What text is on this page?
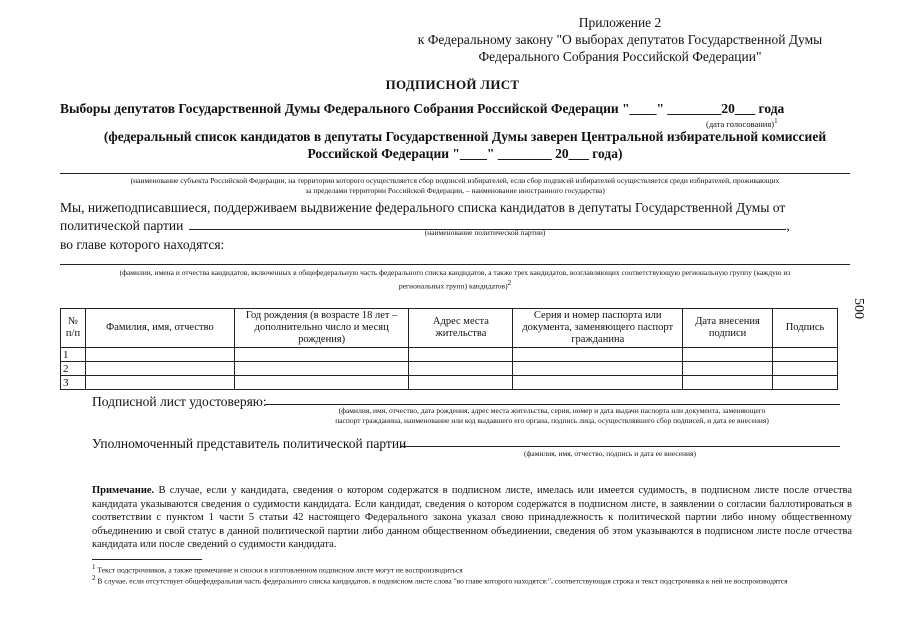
Приложение 2
к Федеральному закону "О выборах депутатов Государственной Думы
Федерального Собрания Российской Федерации"
ПОДПИСНОЙ ЛИСТ
Выборы депутатов Государственной Думы Федерального Собрания Российской Федерации "____" ________20___ года
(дата голосования)$^1$
(федеральный список кандидатов в депутаты Государственной Думы заверен Центральной избирательной комиссией
Российской Федерации "____" ________ 20___ года)
(наименование субъекта Российской Федерации, на территории которого осуществляется сбор подписей избирателей, если сбор подписей избирателей осуществляется среди избирателей, проживающих
за пределами территории Российской Федерации, – наименование иностранного государства)
Мы, нижеподписавшиеся, поддерживаем выдвижение федерального списка кандидатов в депутаты Государственной Думы от
политической партии	,
(наименование политической партии)
во главе которого находятся:
(фамилии, имена и отчества кандидатов, включенных в общефедеральную часть федерального списка кандидатов, а также трех кандидатов, возглавляющих соответствующую региональную группу (каждую из
региональных групп) кандидатов)$^2$
№ п/п	Фамилия, имя, отчество	Год рождения (в возрасте 18 лет – дополнительно число и месяц рождения)	Адрес места жительства	Серия и номер паспорта или документа, заменяющего паспорт гражданина	Дата внесения подписи	Подпись
1						
2						
3						
Подписной лист удостоверяю:
(фамилия, имя, отчество, дата рождения, адрес места жительства, серия, номер и дата выдачи паспорта или документа, заменяющего
паспорт гражданина, наименование или код выдавшего его органа, подпись лица, осуществлявшего сбор подписей, и дата ее внесения)
Уполномоченный представитель политической партии
(фамилия, имя, отчество, подпись и дата ее внесения)
Примечание. В случае, если у кандидата, сведения о котором содержатся в подписном листе, имелась или имеется судимость, в подписном листе после отчества кандидата указываются сведения о судимости кандидата. Если кандидат, сведения о котором содержатся в подписном листе, в заявлении о согласии баллотироваться в соответствии с пунктом 1 части 5 статьи 42 настоящего Федерального закона указал свою принадлежность к политической партии либо иному общественному объединению и свой статус в данной политической партии либо данном общественном объединении, сведения об этом указываются в подписном листе после отчества кандидата или после сведений о судимости кандидата.
$^1$ Текст подстрочников, а также примечание и сноски в изготовленном подписном листе могут не воспроизводиться
$^2$ В случае, если отсутствует общефедеральная часть федерального списка кандидатов, в подписном листе слова "во главе которого находятся:", соответствующая строка и текст подстрочника к ней не воспроизводятся
500
